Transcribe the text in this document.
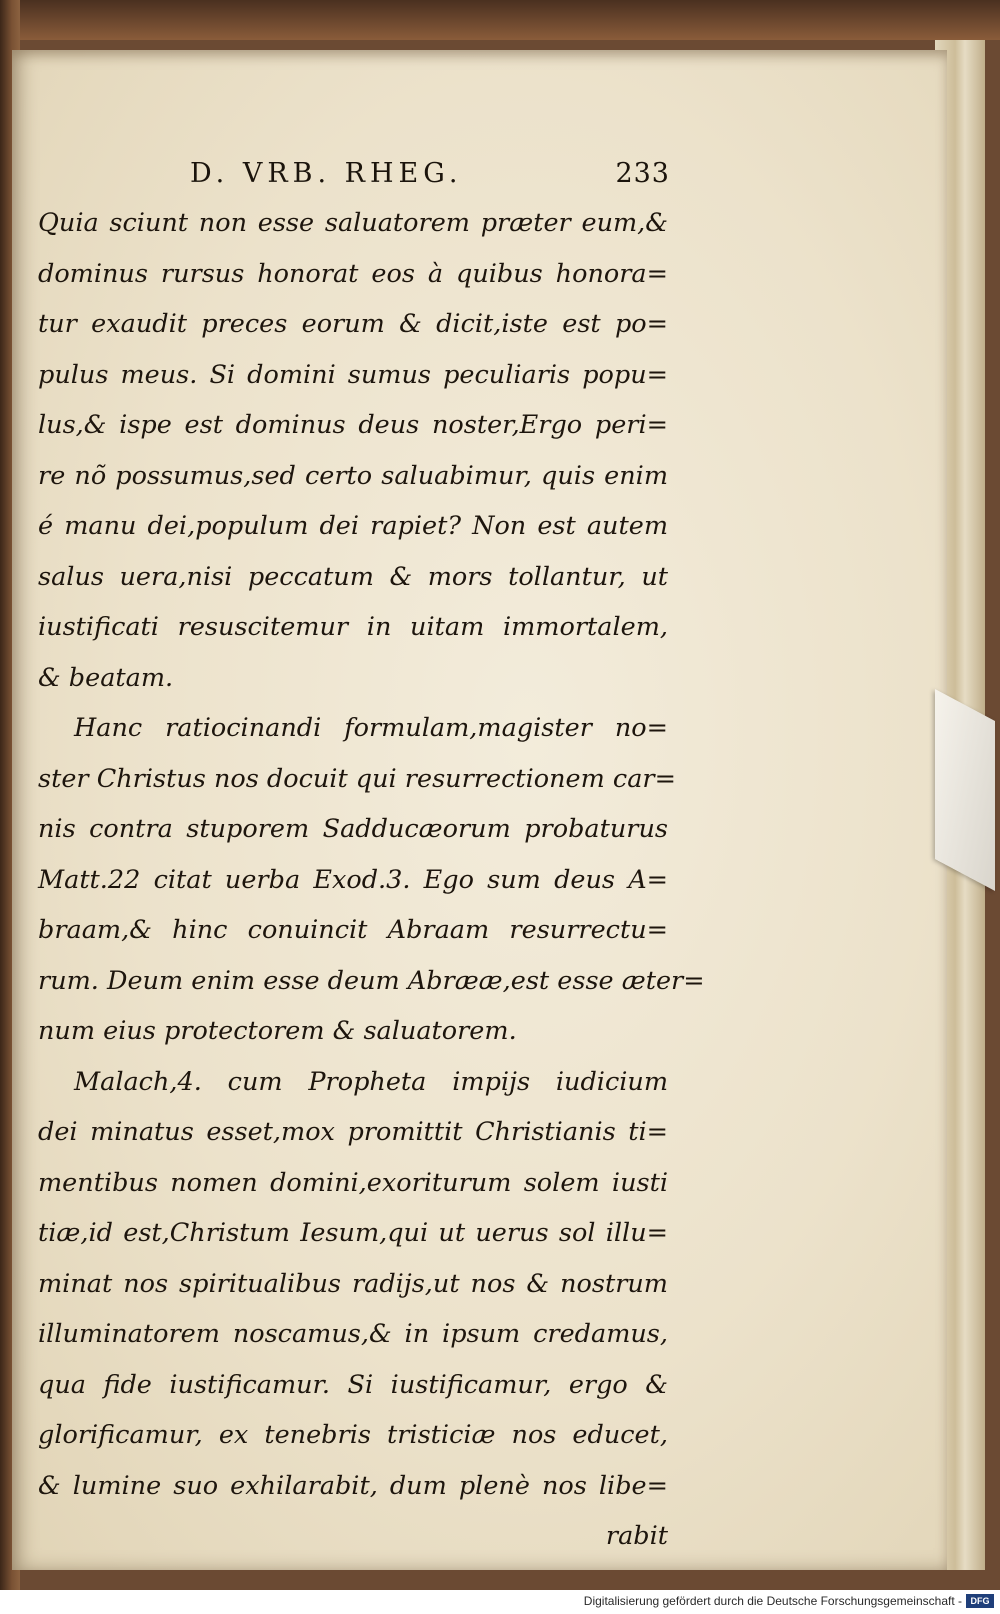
D. VRB. RHEG.	233
Quia sciunt non esse saluatorem præter eum,&
dominus rursus honorat eos à quibus honora=
tur exaudit preces eorum & dicit,iste est po=
pulus meus. Si domini sumus peculiaris popu=
lus,& ispe est dominus deus noster,Ergo peri=
re nõ possumus,sed certo saluabimur, quis enim
é manu dei,populum dei rapiet? Non est autem
salus uera,nisi peccatum & mors tollantur, ut
iustificati resuscitemur in uitam immortalem,
& beatam.
Hanc ratiocinandi formulam,magister no=
ster Christus nos docuit qui resurrectionem car=
nis contra stuporem Sadducæorum probaturus
Matt.22 citat uerba Exod.3. Ego sum deus A=
braam,& hinc conuincit Abraam resurrectu=
rum. Deum enim esse deum Abrææ,est esse æter=
num eius protectorem & saluatorem.
Malach,4. cum Propheta impijs iudicium
dei minatus esset,mox promittit Christianis ti=
mentibus nomen domini,exoriturum solem iusti
tiæ,id est,Christum Iesum,qui ut uerus sol illu=
minat nos spiritualibus radijs,ut nos & nostrum
illuminatorem noscamus,& in ipsum credamus,
qua fide iustificamur. Si iustificamur, ergo &
glorificamur, ex tenebris tristiciæ nos educet,
& lumine suo exhilarabit, dum plenè nos libe=
rabit
Digitalisierung gefördert durch die Deutsche Forschungsgemeinschaft - DFG
